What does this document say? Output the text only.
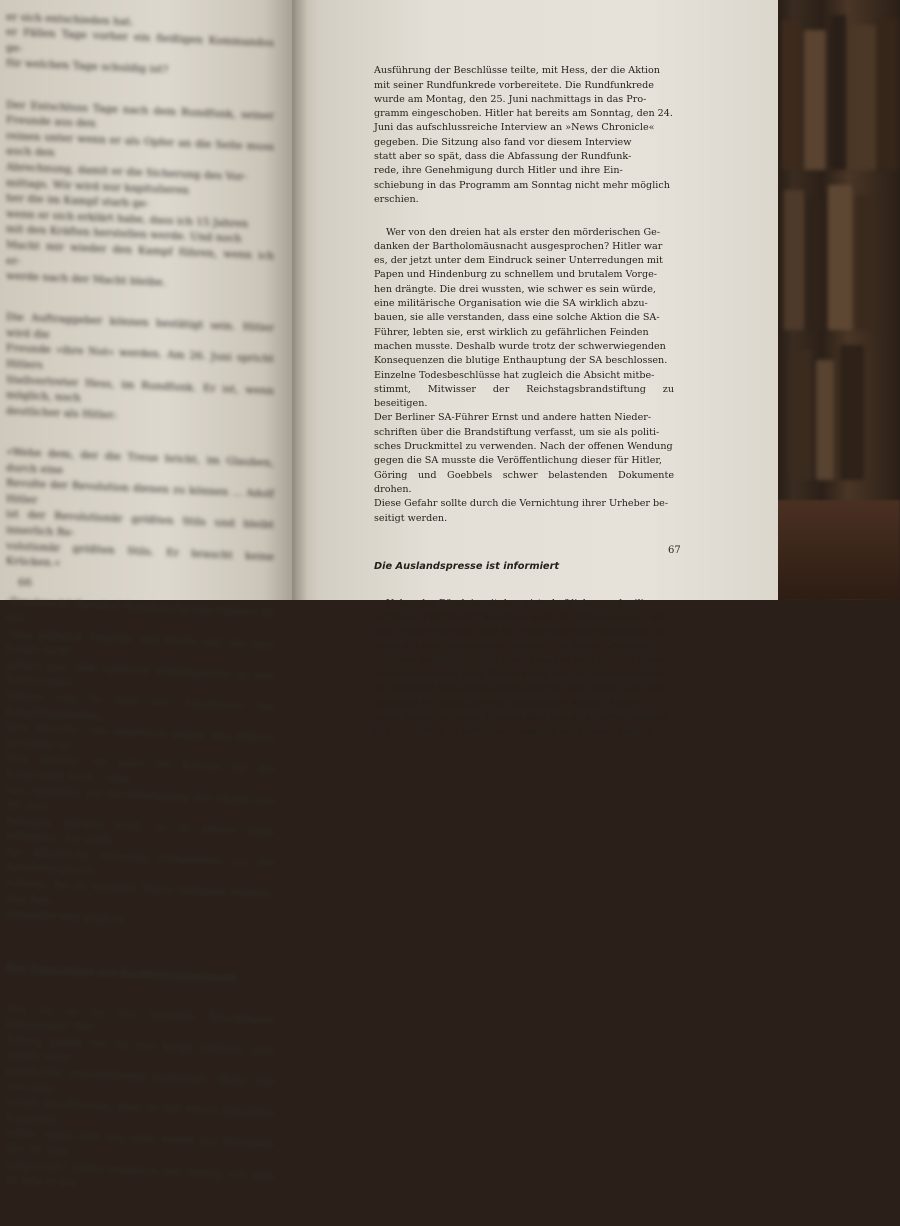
er sich entschieden hat.
er Fällen Tage vorher ein fleißigen Kommandos ge-
für welchen Tage schuldig ist?

Der Entschluss Tage nach dem Rundfunk, seiner Freunde aus den
reinen unter wenn er als Opfer an die Seite muss auch den
Abrechnung, damit er die Sicherung des Vor-
mittags. Wir wird nur kapitulieren
her die im Kampf starb ge-
wenn er sich erklärt habe, dass ich 15 Jahren
mit den Kräften herstellen werde. Und noch
Macht mir wieder den Kampf führen, wenn ich er-
werde nach der Macht bleibe.

Die Auftraggeber können bestätigt sein. Hitler wird die
Freunde »ihre Not« werden. Am 26. Juni spricht Hitlers
Stellvertreter Hess, im Rundfunk. Er ist, wenn möglich, noch
deutlicher als Hitler:

»Wehe dem, der die Treue bricht, im Glauben, durch eine
Revolte der Revolution dienen zu können ... Adolf Hitler
ist der Revolutionär größten Stils und bleibt innerlich Re-
volutionär größten Stils. Er braucht keine Krücken.«

›Treubruch? Revolte? Krücken für den Führer? Es tau-
chen plötzlich Begriffe und Worte auf, die man bisher nicht
gehört hat. Alle späteren Widersprüche in den Erklärungen
Hitlers vom 30. Juni, der ›Treubruch‹ der Kampfkameraden,
ihre ›Revolte‹, die angeblich gegen den Führer gerichtet ist,
ihre Absicht, als wäre die Krücke für ihn bezeichnet wird, – alles,
was ebenfalls zur Rechtfertigung der Morde des 30. Juni
bezogen werden wird, ist in dieser Rede enthalten. Sie sollte
die öffentliche Meinung vorbereiten auf die Schreckensnach-
richten, die in wenigen Tagen kommen würden. Das Juni-
massaker war geplant.

Der Entschluss zur Bartholomäusnacht

Wie ist es zu den blutigen Beschlüssen gekommen? Der
Schlag gegen die SA war lange geplant, jetzt wurde seine
praktische Durchführung festgelegt. Wann und von wem
wurde beschlossen, dass es mit einem Massaker beginnen
sollte, wann und von wem wurde die Totenliste des 30. Juni
aufgestellt? Hitler besprach mit Göring, mit dem er sich in der

66

Ausführung der Beschlüsse teilte, mit Hess, der die Aktion
mit seiner Rundfunkrede vorbereitete. Die Rundfunkrede
wurde am Montag, den 25. Juni nachmittags in das Pro-
gramm eingeschoben. Hitler hat bereits am Sonntag, den 24.
Juni das aufschlussreiche Interview an »News Chronicle«
gegeben. Die Sitzung also fand vor diesem Interview
statt aber so spät, dass die Abfassung der Rundfunk-
rede, ihre Genehmigung durch Hitler und ihre Ein-
schiebung in das Programm am Sonntag nicht mehr möglich
erschien.

Wer von den dreien hat als erster den mörderischen Ge-
danken der Bartholomäusnacht ausgesprochen? Hitler war
es, der jetzt unter dem Eindruck seiner Unterredungen mit
Papen und Hindenburg zu schnellem und brutalem Vorge-
hen drängte. Die drei wussten, wie schwer es sein würde,
eine militärische Organisation wie die SA wirklich abzu-
bauen, sie alle verstanden, dass eine solche Aktion die SA-
Führer, lebten sie, erst wirklich zu gefährlichen Feinden
machen musste. Deshalb wurde trotz der schwerwiegenden
Konsequenzen die blutige Enthauptung der SA beschlossen.
Einzelne Todesbeschlüsse hat zugleich die Absicht mitbe-
stimmt, Mitwisser der Reichstagsbrandstiftung zu beseitigen.
Der Berliner SA-Führer Ernst und andere hatten Nieder-
schriften über die Brandstiftung verfasst, um sie als politi-
sches Druckmittel zu verwenden. Nach der offenen Wendung
gegen die SA musste die Veröffentlichung dieser für Hitler,
Göring und Goebbels schwer belastenden Dokumente drohen.
Diese Gefahr sollte durch die Vernichtung ihrer Urheber be-
seitigt werden.

Die Auslandspresse ist informiert

Ueber das Bündnis mit den wirtschaftlichen und mili-
tärischen Kräften der Reaktion, über die Abmachungen, die
dem Hitler-Interview und der Hess-Rede zugrundelagen, exi-
stiert ein aufschlussreicher Bericht. Die Basler »National-
Zeitung« veröffentlicht in ihrer Ausgabe vom 26. Juni einen
Situationsbericht über Deutschland, den ihr Korrespondent
am Tage der Hess-Rede abgesandt hat. Der Artikel gibt die
Situation mit erstaunlicher Genauigkeit wieder. Aber er
weiss nichts von einer Revolte oder von einer Verschwörung
der SA-Führer zu berichten. Dagegen wird davon gespro-

67
